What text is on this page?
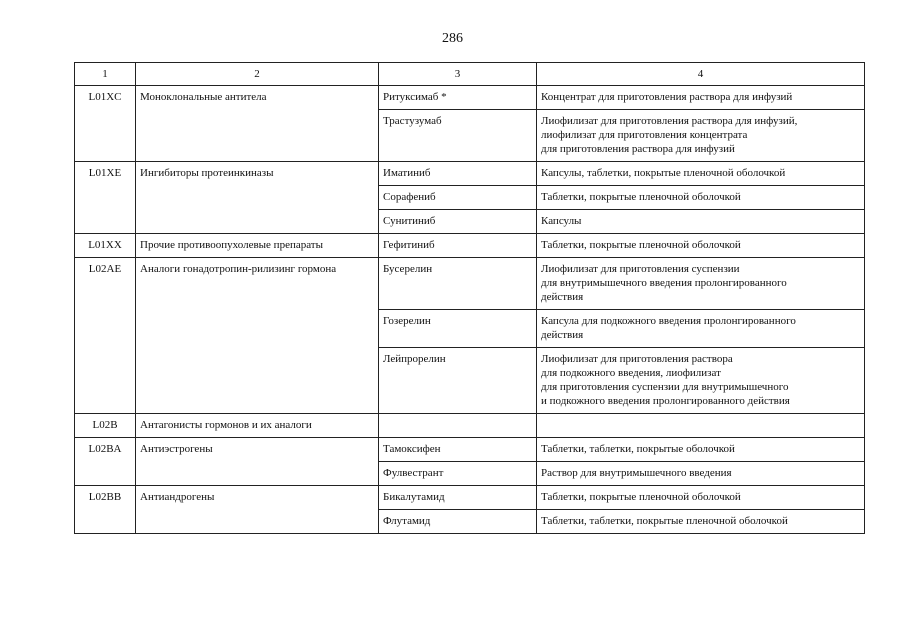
286
1	2	3	4
L01XC	Моноклональные антитела	Ритуксимаб *	Концентрат для приготовления раствора для инфузий

		Трастузумаб	Лиофилизат для приготовления раствора для инфузий,
лиофилизат для приготовления концентрата
для приготовления раствора для инфузий

L01XE	Ингибиторы протеинкиназы	Иматиниб	Капсулы, таблетки, покрытые пленочной оболочкой

		Сорафениб	Таблетки, покрытые пленочной оболочкой

		Сунитиниб	Капсулы

L01XX	Прочие противоопухолевые препараты	Гефитиниб	Таблетки, покрытые пленочной оболочкой

L02AE	Аналоги гонадотропин-рилизинг гормона	Бусерелин	Лиофилизат для приготовления суспензии
для внутримышечного введения пролонгированного
действия

		Гозерелин	Капсула для подкожного введения пролонгированного
действия

		Лейпрорелин	Лиофилизат для приготовления раствора
для подкожного введения, лиофилизат
для приготовления суспензии для внутримышечного
и подкожного введения пролонгированного действия

L02B	Антагонисты гормонов и их аналоги		
L02BA	Антиэстрогены	Тамоксифен	Таблетки, таблетки, покрытые оболочкой

		Фулвестрант	Раствор для внутримышечного введения

L02BB	Антиандрогены	Бикалутамид	Таблетки, покрытые пленочной оболочкой

		Флутамид	Таблетки, таблетки, покрытые пленочной оболочкой
